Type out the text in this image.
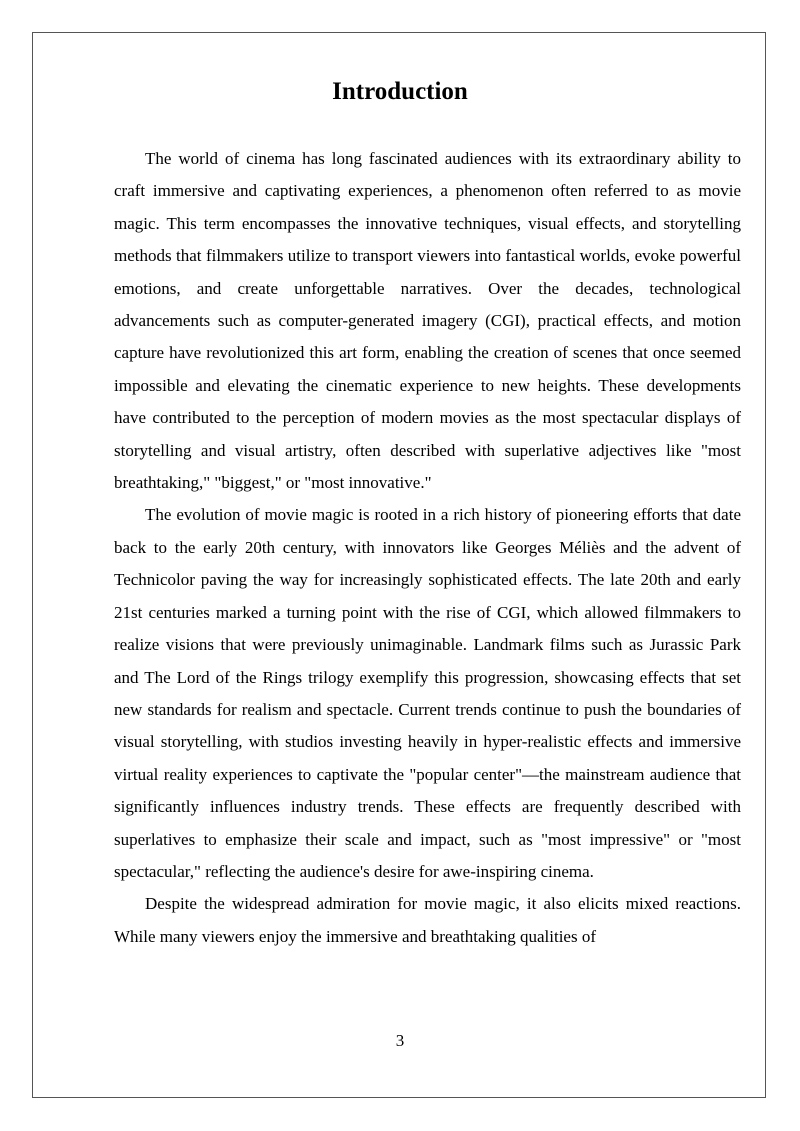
Introduction

The world of cinema has long fascinated audiences with its extraordinary ability to craft immersive and captivating experiences, a phenomenon often referred to as movie magic. This term encompasses the innovative techniques, visual effects, and storytelling methods that filmmakers utilize to transport viewers into fantastical worlds, evoke powerful emotions, and create unforgettable narratives. Over the decades, technological advancements such as computer-generated imagery (CGI), practical effects, and motion capture have revolutionized this art form, enabling the creation of scenes that once seemed impossible and elevating the cinematic experience to new heights. These developments have contributed to the perception of modern movies as the most spectacular displays of storytelling and visual artistry, often described with superlative adjectives like "most breathtaking," "biggest," or "most innovative."

The evolution of movie magic is rooted in a rich history of pioneering efforts that date back to the early 20th century, with innovators like Georges Méliès and the advent of Technicolor paving the way for increasingly sophisticated effects. The late 20th and early 21st centuries marked a turning point with the rise of CGI, which allowed filmmakers to realize visions that were previously unimaginable. Landmark films such as Jurassic Park and The Lord of the Rings trilogy exemplify this progression, showcasing effects that set new standards for realism and spectacle. Current trends continue to push the boundaries of visual storytelling, with studios investing heavily in hyper-realistic effects and immersive virtual reality experiences to captivate the "popular center"—the mainstream audience that significantly influences industry trends. These effects are frequently described with superlatives to emphasize their scale and impact, such as "most impressive" or "most spectacular," reflecting the audience's desire for awe-inspiring cinema.

Despite the widespread admiration for movie magic, it also elicits mixed reactions. While many viewers enjoy the immersive and breathtaking qualities of

3
